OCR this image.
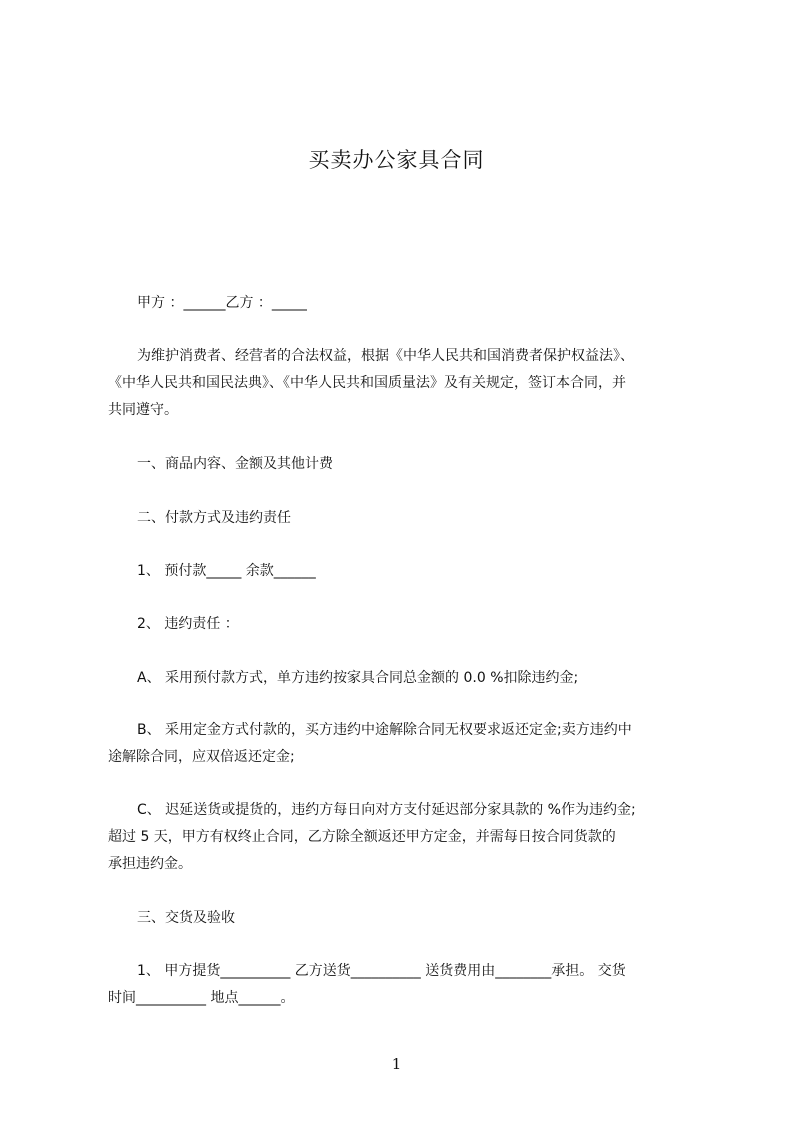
买卖办公家具合同
甲方 ：______乙方 ：_____
为维护消费者、经营者的合法权益，根据《中华人民共和国消费者保护权益法》、
《中华人民共和国民法典》、《中华人民共和国质量法》及有关规定，签订本合同，并
共同遵守。
一、商品内容、金额及其他计费
二、付款方式及违约责任
1、 预付款_____ 余款______
2、 违约责任 ：
A、 采用预付款方式，单方违约按家具合同总金额的 0.0 %扣除违约金;
B、 采用定金方式付款的，买方违约中途解除合同无权要求返还定金;卖方违约中
途解除合同，应双倍返还定金;
C、 迟延送货或提货的，违约方每日向对方支付延迟部分家具款的 %作为违约金;
超过 5 天，甲方有权终止合同，乙方除全额返还甲方定金，并需每日按合同货款的
承担违约金。
三、交货及验收
1、 甲方提货__________ 乙方送货__________ 送货费用由________承担。 交货
时间__________ 地点______。
1
